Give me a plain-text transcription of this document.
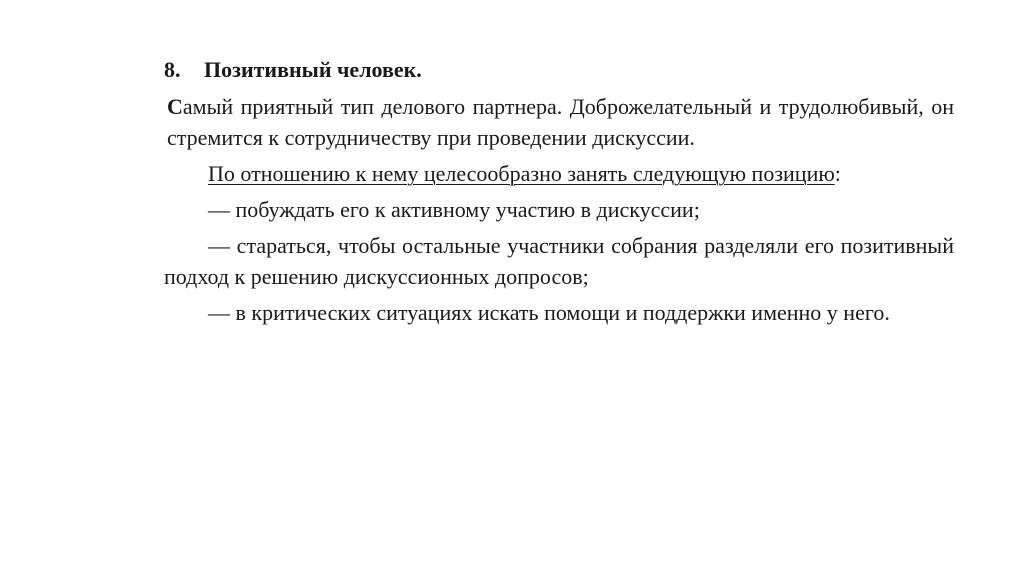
8. Позитивный человек.

Самый приятный тип делового партнера. Доброжелательный и трудолюбивый, он стремится к сотрудничеству при проведении дискуссии.

По отношению к нему целесообразно занять следующую позицию:

— побуждать его к активному участию в дискуссии;

— стараться, чтобы остальные участники собрания разделяли его позитивный подход к решению дискуссионных допросов;

— в критических ситуациях искать помощи и поддержки именно у него.
